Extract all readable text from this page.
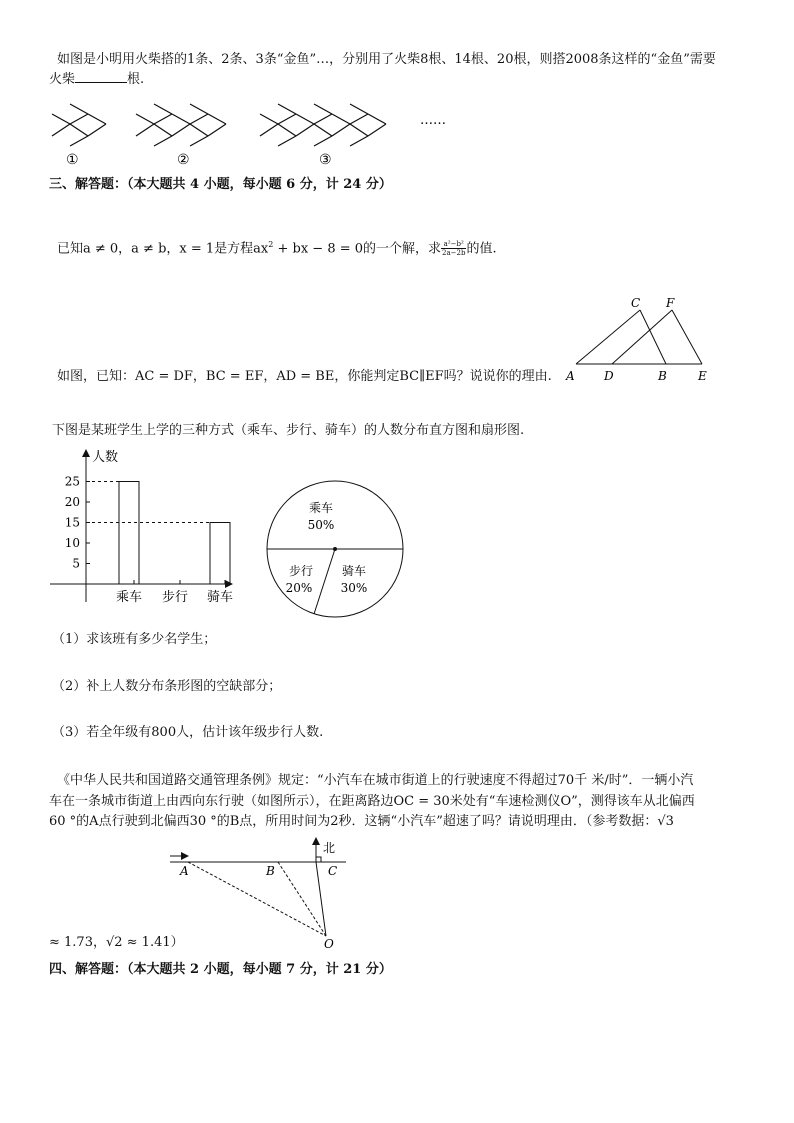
如图是小明用火柴搭的1条、2条、3条“金鱼”…，分别用了火柴8根、14根、20根，则搭2008条这样的“金鱼”需要
火柴	根.
……
①	②	③
三、解答题：（本大题共 4 小题，每小题 6 分，计 24 分）
已知a ≠ 0，a ≠ b，x = 1是方程$ax^2$ + bx − 8 = 0的一个解，求 $\frac{\text{a²−b²}}{2a-2b}$ 的值.
如图，已知：AC = DF，BC = EF，AD = BE，你能判定BC∥EF吗？说说你的理由. A D	B	E
C F
下图是某班学生上学的三种方式（乘车、步行、骑车）的人数分布直方图和扇形图.
人数
5
10
15
20
25
乘车 步行 骑车
乘车
50%
骑车
30%
步行
20%
（1）求该班有多少名学生；
（2）补上人数分布条形图的空缺部分；
（3）若全年级有800人，估计该年级步行人数.
《中华人民共和国道路交通管理条例》规定：“小汽车在城市街道上的行驶速度不得超过70千 米/时”．一辆小汽
车在一条城市街道上由西向东行驶（如图所示），在距离路边OC = 30米处有“车速检测仪O”，测得该车从北偏西
60 °的A点行驶到北偏西30 °的B点，所用时间为2秒．这辆“小汽车”超速了吗？请说明理由．（参考数据：√3
北
A	B	C
O
≈ 1.73，√2 ≈ 1.41）
四、解答题：（本大题共 2 小题，每小题 7 分，计 21 分）
